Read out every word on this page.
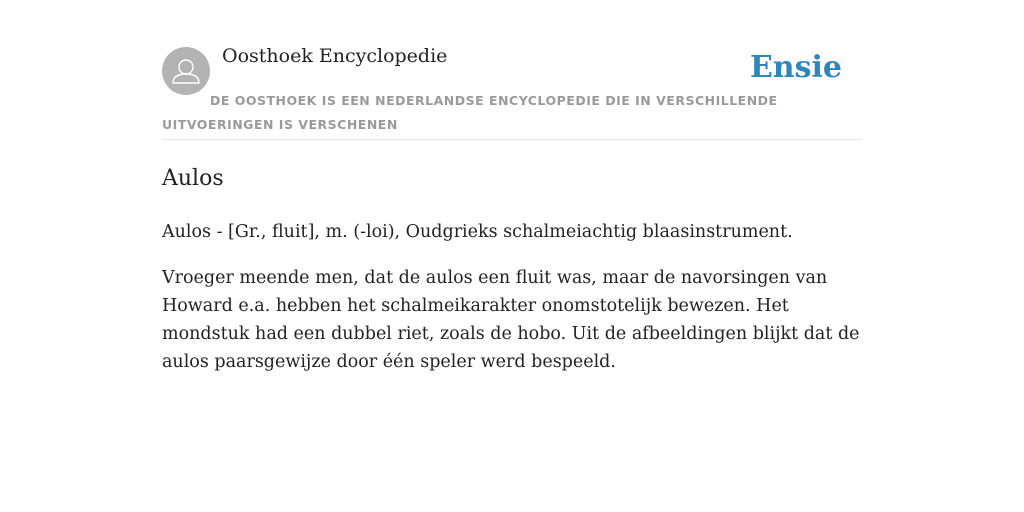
Oosthoek Encyclopedie	Ensie
DE OOSTHOEK IS EEN NEDERLANDSE ENCYCLOPEDIE DIE IN VERSCHILLENDE UITVOERINGEN IS VERSCHENEN
Aulos

Aulos - [Gr., fluit], m. (-loi), Oudgrieks schalmeiachtig blaasinstrument.

Vroeger meende men, dat de aulos een fluit was, maar de navorsingen van Howard e.a. hebben het schalmeikarakter onomstotelijk bewezen. Het mondstuk had een dubbel riet, zoals de hobo. Uit de afbeeldingen blijkt dat de aulos paarsgewijze door één speler werd bespeeld.
